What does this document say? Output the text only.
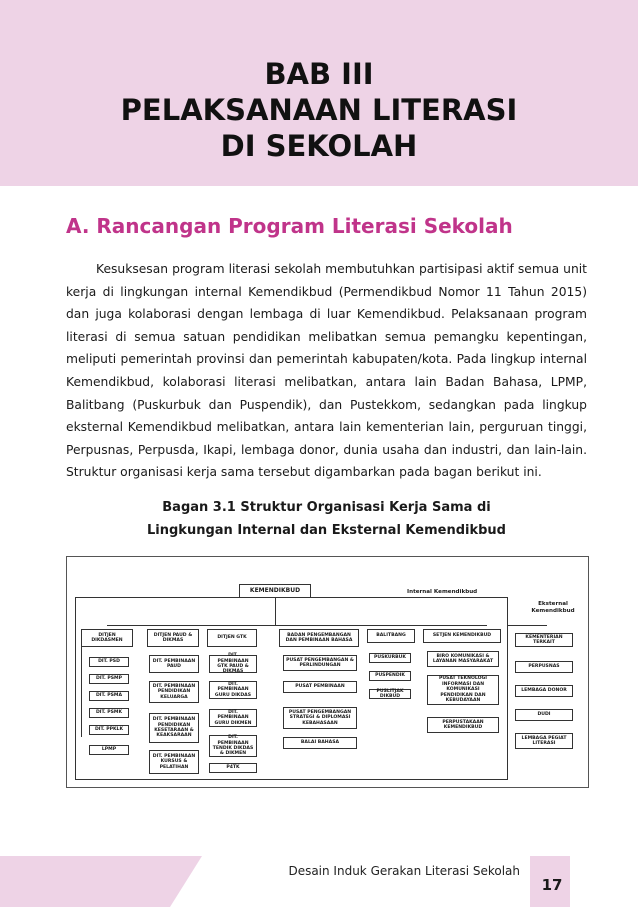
BAB III
PELAKSANAAN LITERASI
DI SEKOLAH
A. Rancangan Program Literasi Sekolah

Kesuksesan program literasi sekolah membutuhkan partisipasi aktif semua unit kerja di lingkungan internal Kemendikbud (Permendikbud Nomor 11 Tahun 2015) dan juga kolaborasi dengan lembaga di luar Kemendikbud. Pelaksanaan program literasi di semua satuan pendidikan melibatkan semua pemangku kepentingan, meliputi pemerintah provinsi dan pemerintah kabupaten/kota. Pada lingkup internal Kemendikbud, kolaborasi literasi melibatkan, antara lain Badan Bahasa, LPMP, Balitbang (Puskurbuk dan Puspendik), dan Pustekkom, sedangkan pada lingkup eksternal Kemendikbud melibatkan, antara lain kementerian lain, perguruan tinggi, Perpusnas, Perpusda, Ikapi, lembaga donor, dunia usaha dan industri, dan lain-lain. Struktur organisasi kerja sama tersebut digambarkan pada bagan berikut ini.

Bagan 3.1 Struktur Organisasi Kerja Sama di
Lingkungan Internal dan Eksternal Kemendikbud
KEMENDIKBUD	Internal Kemendikbud
Eksternal
Kemendikbud
DITJEN DIKDASMEN
DIT. PSD
DIT. PSMP
DIT. PSMA
DIT. PSMK
DIT. PPKLK
LPMP
DITJEN PAUD & DIKMAS
DIT. PEMBINAAN PAUD
DIT. PEMBINAAN PENDIDIKAN KELUARGA
DIT. PEMBINAAN PENDIDIKAN KESETARAAN & KEAKSARAAN
DIT. PEMBINAAN KURSUS & PELATIHAN
DITJEN GTK
DIT. PEMBINAAN GTK PAUD & DIKMAS
DIT. PEMBINAAN GURU DIKDAS
DIT. PEMBINAAN GURU DIKMEN
DIT. PEMBINAAN TENDIK DIKDAS & DIKMEN
P4TK
BADAN PENGEMBANGAN DAN PEMBINAAN BAHASA
PUSAT PENGEMBANGAN & PERLINDUNGAN
PUSAT PEMBINAAN
PUSAT PENGEMBANGAN STRATEGI & DIPLOMASI KEBAHASAAN
BALAI BAHASA
BALITBANG
PUSKURBUK
PUSPENDIK
PUSLITJAK DIKBUD
SETJEN KEMENDIKBUD
BIRO KOMUNIKASI & LAYANAN MASYARAKAT
PUSAT TEKNOLOGI INFORMASI DAN KOMUNIKASI PENDIDIKAN DAN KEBUDAYAAN
PERPUSTAKAAN KEMENDIKBUD
KEMENTERIAN TERKAIT
PERPUSNAS
LEMBAGA DONOR
DUDI
LEMBAGA PEGIAT LITERASI
Desain Induk Gerakan Literasi Sekolah
17
